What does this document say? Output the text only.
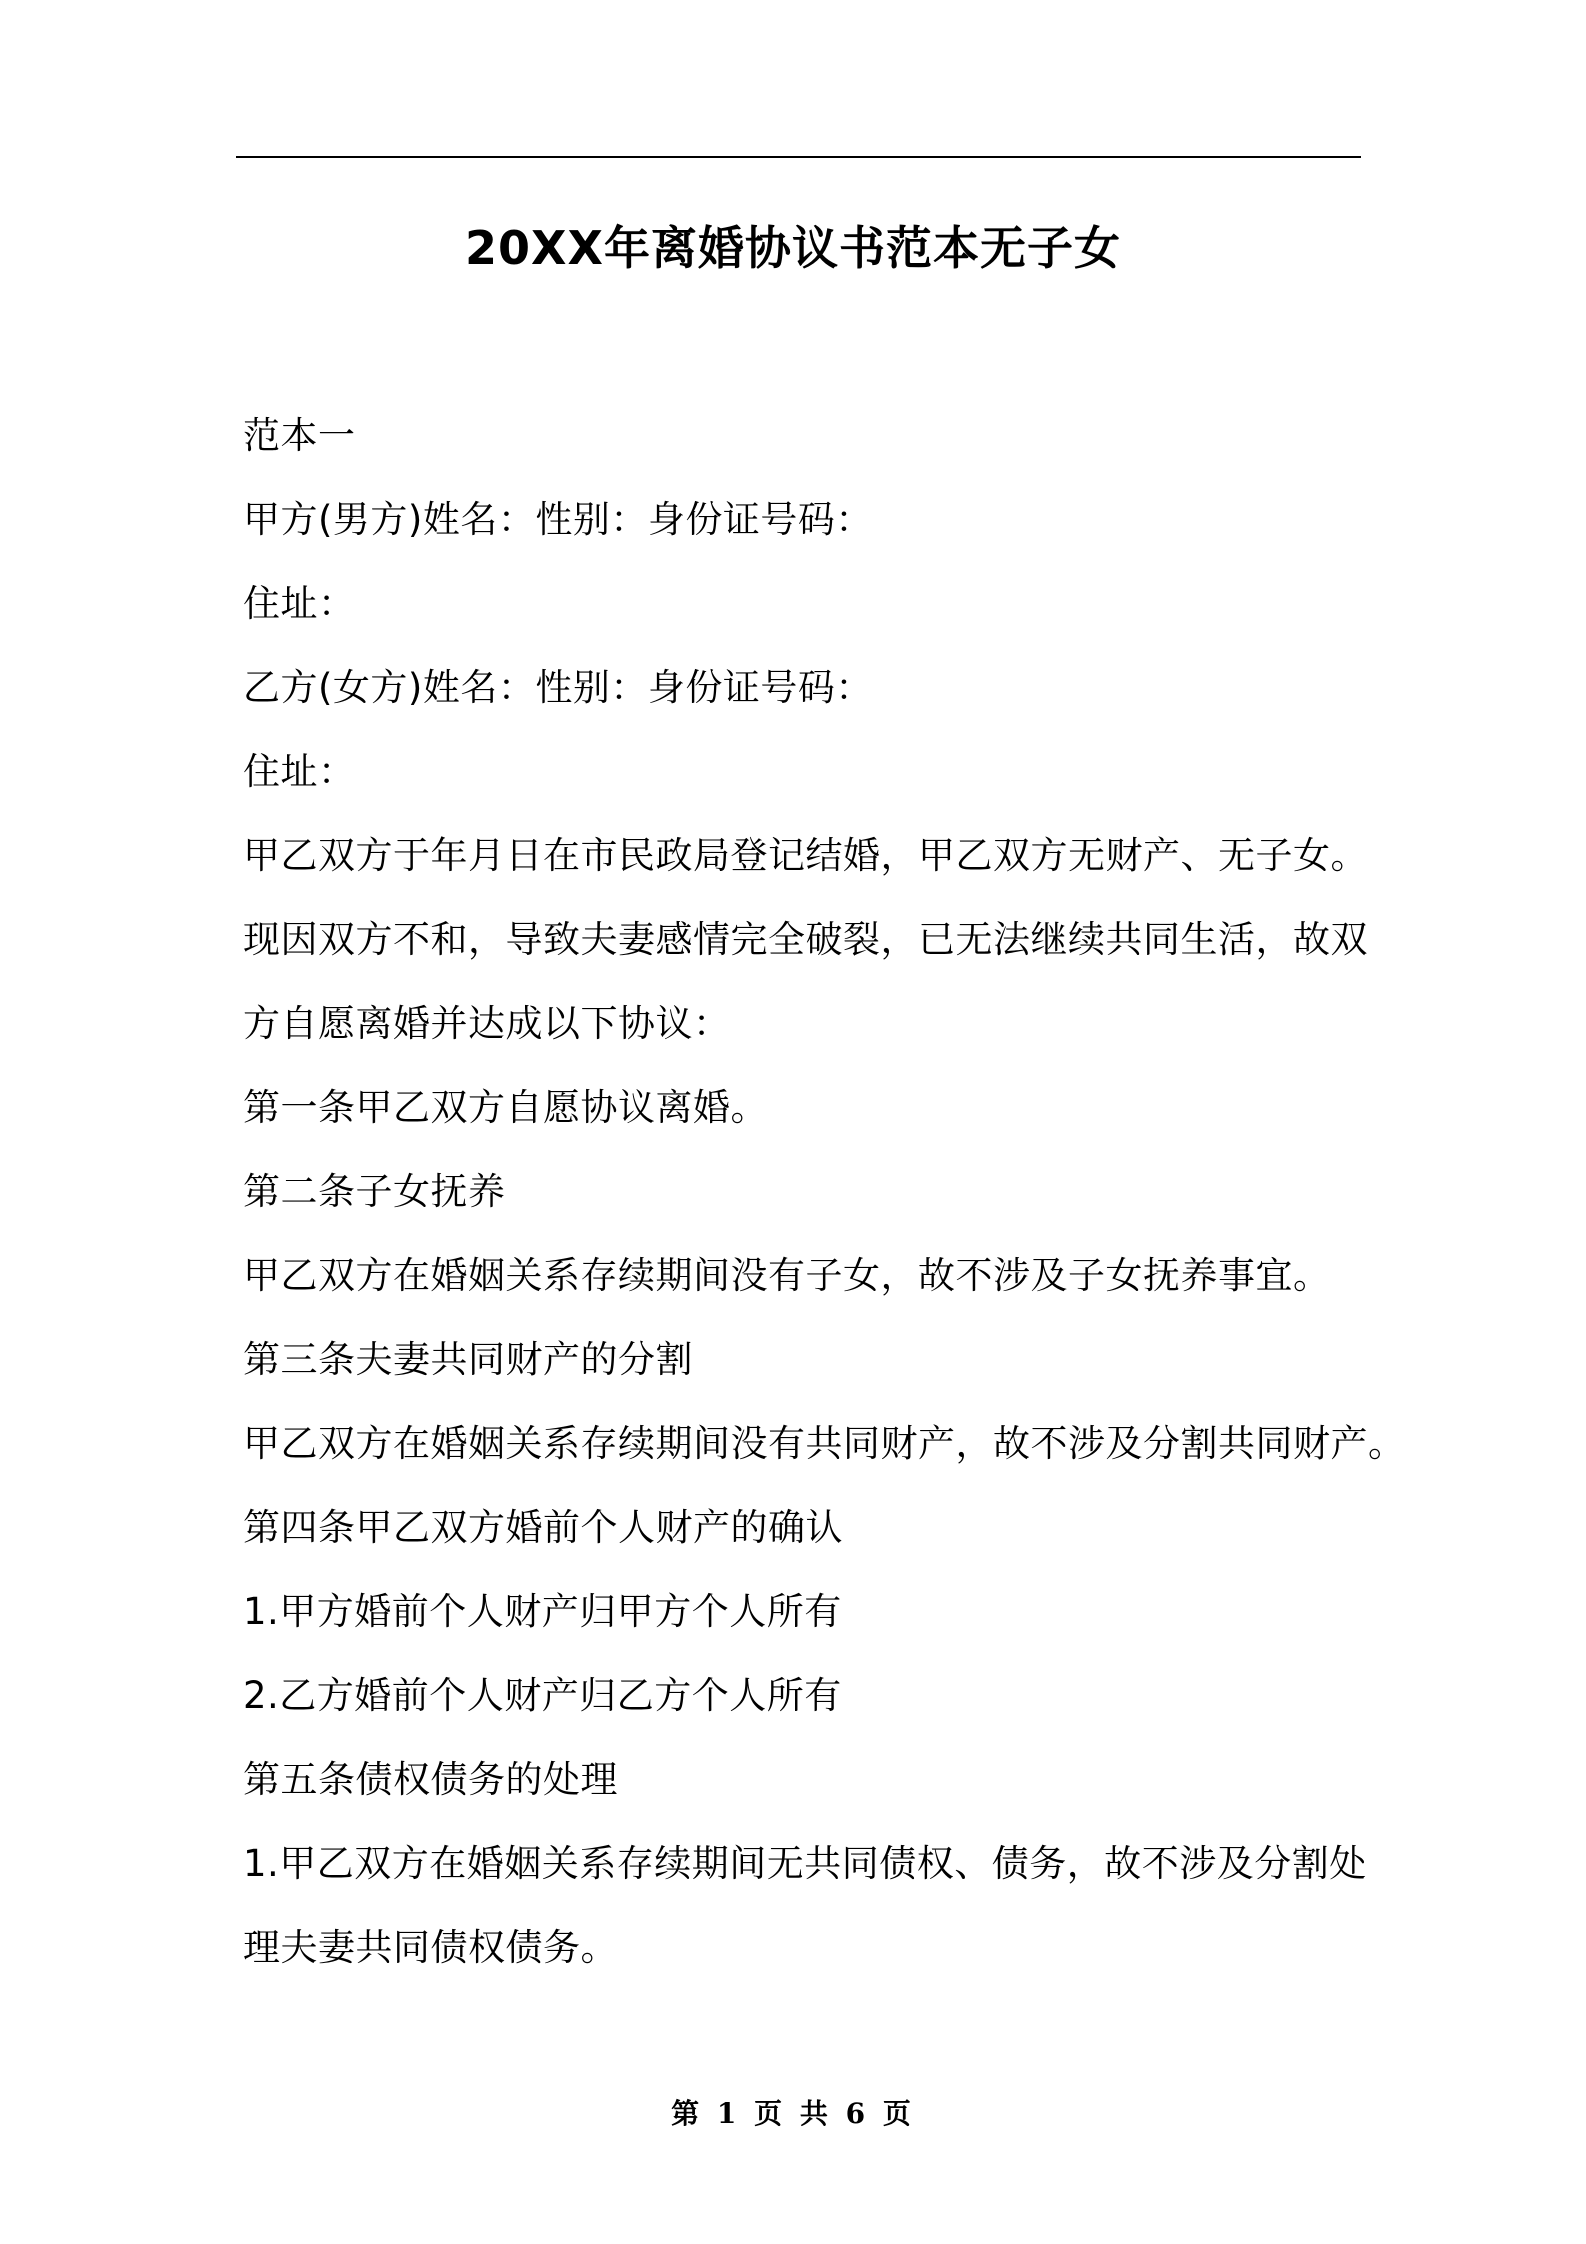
20XX年离婚协议书范本无子女
范本一
甲方(男方)姓名：性别：身份证号码：
住址：
乙方(女方)姓名：性别：身份证号码：
住址：
甲乙双方于年月日在市民政局登记结婚，甲乙双方无财产、无子女。
现因双方不和，导致夫妻感情完全破裂，已无法继续共同生活，故双
方自愿离婚并达成以下协议：
第一条甲乙双方自愿协议离婚。
第二条子女抚养
甲乙双方在婚姻关系存续期间没有子女，故不涉及子女抚养事宜。
第三条夫妻共同财产的分割
甲乙双方在婚姻关系存续期间没有共同财产，故不涉及分割共同财产。
第四条甲乙双方婚前个人财产的确认
1.甲方婚前个人财产归甲方个人所有
2.乙方婚前个人财产归乙方个人所有
第五条债权债务的处理
1.甲乙双方在婚姻关系存续期间无共同债权、债务，故不涉及分割处
理夫妻共同债权债务。
第 1 页 共 6 页
